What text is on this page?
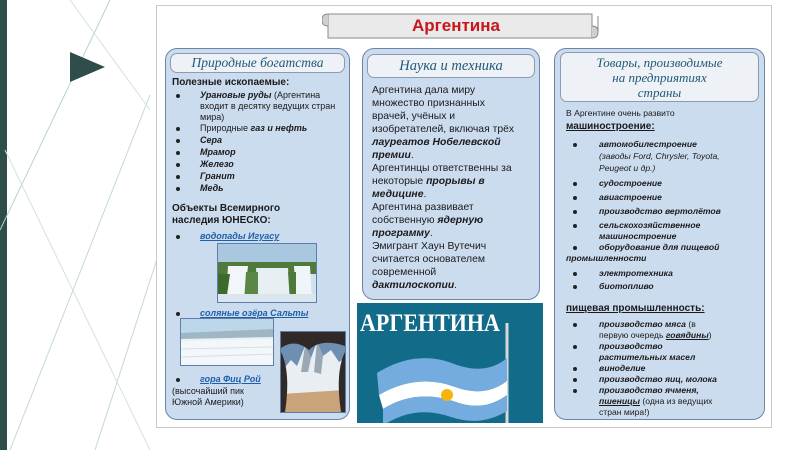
Аргентина
Природные богатства
Полезные ископаемые:
Урановые руды (Аргентина
входит в десятку ведущих стран
мира)
Природные газ и нефть
Сера
Мрамор
Железо
Гранит
Медь
Объекты Всемирного
наследия ЮНЕСКО:
водопады Игуасу
соляные озёра Сальты
гора Фиц Рой
(высочайший пик
Южной Америки)
Наука и техника
Аргентина дала миру
множество признанных
врачей, учёных и
изобретателей, включая трёх
лауреатов Нобелевской
премии.
Аргентинцы ответственны за
некоторые прорывы в
медицине.
Аргентина развивает
собственную ядерную
программу.
Эмигрант Хаун Вутечич
считается основателем
современной
дактилоскопии.
АРГЕНТИНА
Товары, производимые
на предприятиях
страны
В Аргентине очень развито
машиностроение:
автомобилестроение
(заводы Ford, Chrysler, Toyota,
Peugeot и др.)
судостроение
авиастроение
производство вертолётов
сельскохозяйственное
машиностроение
оборудование для пищевой
промышленности
электротехника
биотопливо
пищевая промышленность:
производство мяса (в
первую очередь говядины)
производство
растительных масел
виноделие
производство яиц, молока
производство ячменя,
пшеницы (одна из ведущих
стран мира!)
